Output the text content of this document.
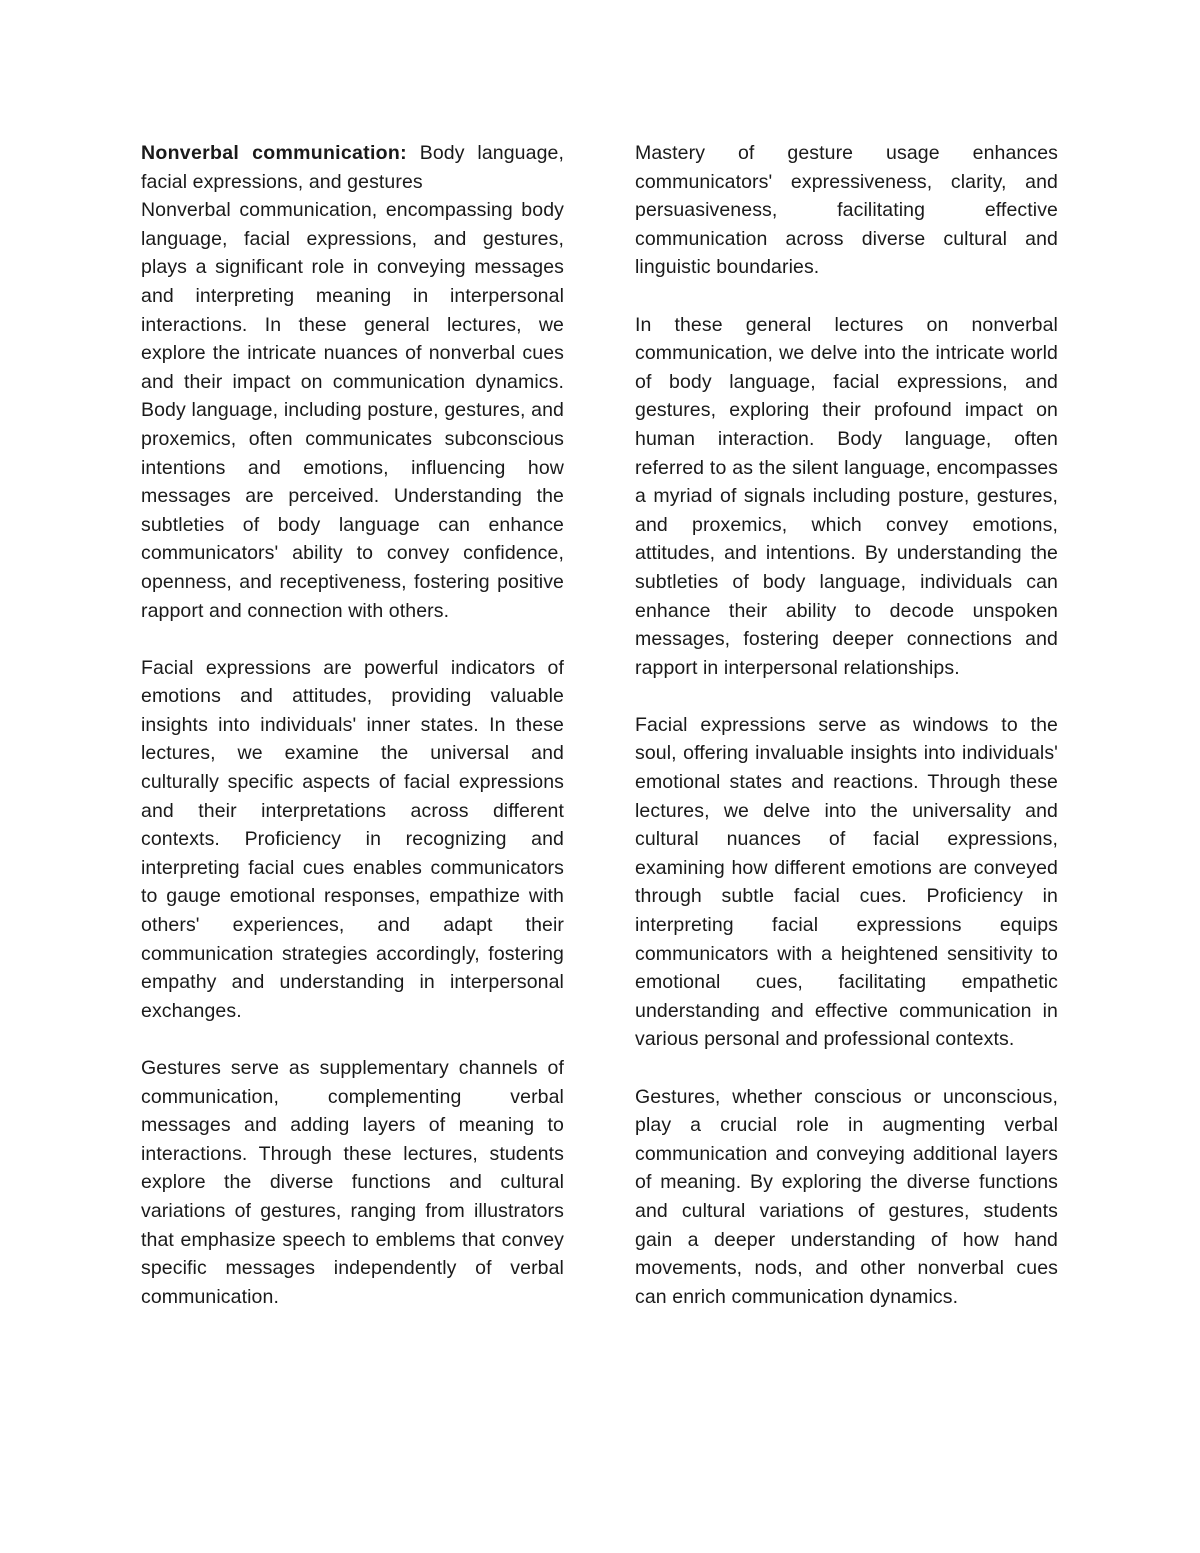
Nonverbal communication: Body language, facial expressions, and gestures

Nonverbal communication, encompassing body language, facial expressions, and gestures, plays a significant role in conveying messages and interpreting meaning in interpersonal interactions. In these general lectures, we explore the intricate nuances of nonverbal cues and their impact on communication dynamics. Body language, including posture, gestures, and proxemics, often communicates subconscious intentions and emotions, influencing how messages are perceived. Understanding the subtleties of body language can enhance communicators' ability to convey confidence, openness, and receptiveness, fostering positive rapport and connection with others.

Facial expressions are powerful indicators of emotions and attitudes, providing valuable insights into individuals' inner states. In these lectures, we examine the universal and culturally specific aspects of facial expressions and their interpretations across different contexts. Proficiency in recognizing and interpreting facial cues enables communicators to gauge emotional responses, empathize with others' experiences, and adapt their communication strategies accordingly, fostering empathy and understanding in interpersonal exchanges.

Gestures serve as supplementary channels of communication, complementing verbal messages and adding layers of meaning to interactions. Through these lectures, students explore the diverse functions and cultural variations of gestures, ranging from illustrators that emphasize speech to emblems that convey specific messages independently of verbal communication.

Mastery of gesture usage enhances communicators' expressiveness, clarity, and persuasiveness, facilitating effective communication across diverse cultural and linguistic boundaries.

In these general lectures on nonverbal communication, we delve into the intricate world of body language, facial expressions, and gestures, exploring their profound impact on human interaction. Body language, often referred to as the silent language, encompasses a myriad of signals including posture, gestures, and proxemics, which convey emotions, attitudes, and intentions. By understanding the subtleties of body language, individuals can enhance their ability to decode unspoken messages, fostering deeper connections and rapport in interpersonal relationships.

Facial expressions serve as windows to the soul, offering invaluable insights into individuals' emotional states and reactions. Through these lectures, we delve into the universality and cultural nuances of facial expressions, examining how different emotions are conveyed through subtle facial cues. Proficiency in interpreting facial expressions equips communicators with a heightened sensitivity to emotional cues, facilitating empathetic understanding and effective communication in various personal and professional contexts.

Gestures, whether conscious or unconscious, play a crucial role in augmenting verbal communication and conveying additional layers of meaning. By exploring the diverse functions and cultural variations of gestures, students gain a deeper understanding of how hand movements, nods, and other nonverbal cues can enrich communication dynamics.
